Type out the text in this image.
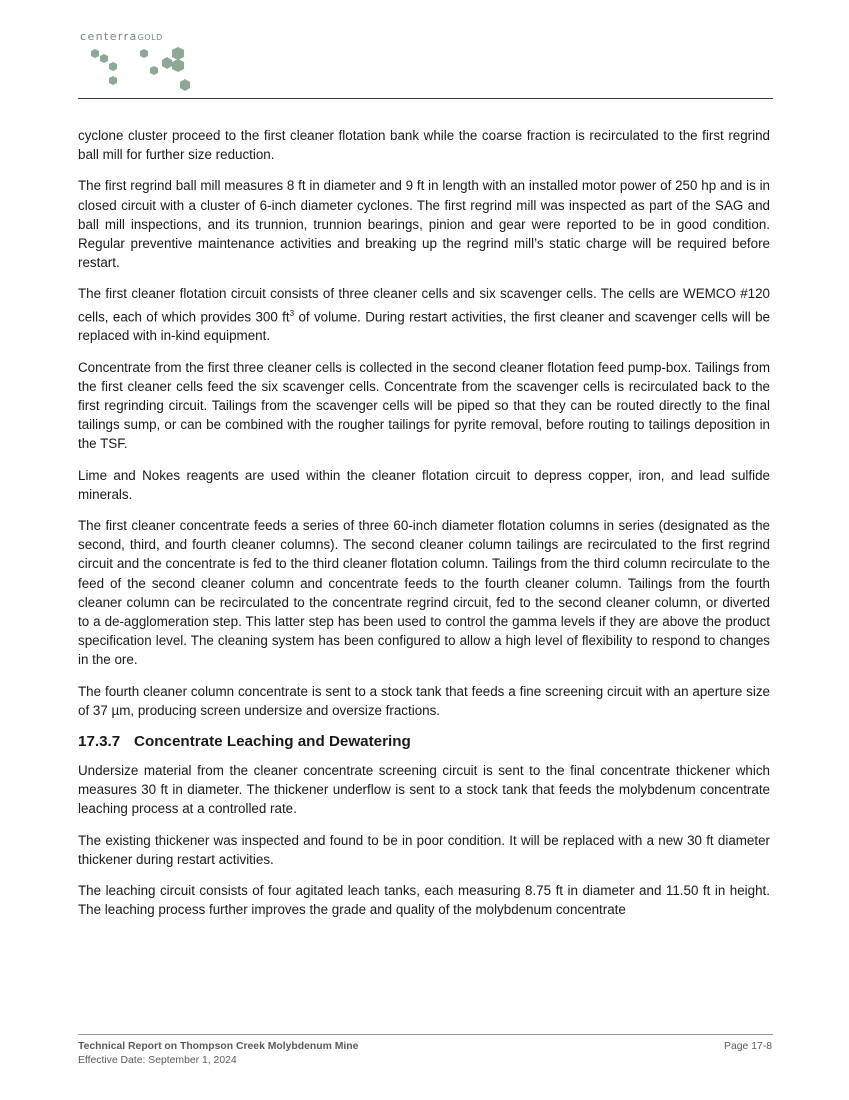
centerraGOLD

cyclone cluster proceed to the first cleaner flotation bank while the coarse fraction is recirculated to the first regrind ball mill for further size reduction.

The first regrind ball mill measures 8 ft in diameter and 9 ft in length with an installed motor power of 250 hp and is in closed circuit with a cluster of 6-inch diameter cyclones. The first regrind mill was inspected as part of the SAG and ball mill inspections, and its trunnion, trunnion bearings, pinion and gear were reported to be in good condition. Regular preventive maintenance activities and breaking up the regrind mill’s static charge will be required before restart.

The first cleaner flotation circuit consists of three cleaner cells and six scavenger cells. The cells are WEMCO #120 cells, each of which provides 300 $ft^3$ of volume. During restart activities, the first cleaner and scavenger cells will be replaced with in-kind equipment.

Concentrate from the first three cleaner cells is collected in the second cleaner flotation feed pump-box. Tailings from the first cleaner cells feed the six scavenger cells. Concentrate from the scavenger cells is recirculated back to the first regrinding circuit. Tailings from the scavenger cells will be piped so that they can be routed directly to the final tailings sump, or can be combined with the rougher tailings for pyrite removal, before routing to tailings deposition in the TSF.

Lime and Nokes reagents are used within the cleaner flotation circuit to depress copper, iron, and lead sulfide minerals.

The first cleaner concentrate feeds a series of three 60-inch diameter flotation columns in series (designated as the second, third, and fourth cleaner columns). The second cleaner column tailings are recirculated to the first regrind circuit and the concentrate is fed to the third cleaner flotation column. Tailings from the third column recirculate to the feed of the second cleaner column and concentrate feeds to the fourth cleaner column. Tailings from the fourth cleaner column can be recirculated to the concentrate regrind circuit, fed to the second cleaner column, or diverted to a de-agglomeration step. This latter step has been used to control the gamma levels if they are above the product specification level. The cleaning system has been configured to allow a high level of flexibility to respond to changes in the ore.

The fourth cleaner column concentrate is sent to a stock tank that feeds a fine screening circuit with an aperture size of 37 µm, producing screen undersize and oversize fractions.

17.3.7 Concentrate Leaching and Dewatering

Undersize material from the cleaner concentrate screening circuit is sent to the final concentrate thickener which measures 30 ft in diameter. The thickener underflow is sent to a stock tank that feeds the molybdenum concentrate leaching process at a controlled rate.

The existing thickener was inspected and found to be in poor condition. It will be replaced with a new 30 ft diameter thickener during restart activities.

The leaching circuit consists of four agitated leach tanks, each measuring 8.75 ft in diameter and 11.50 ft in height. The leaching process further improves the grade and quality of the molybdenum concentrate

Technical Report on Thompson Creek Molybdenum Mine
Effective Date: September 1, 2024
Page 17-8
